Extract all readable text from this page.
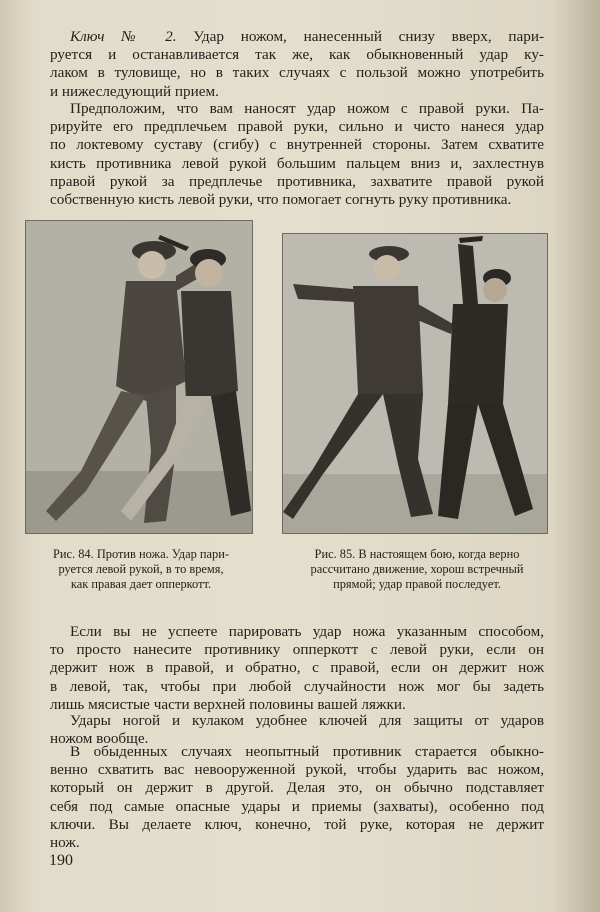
Ключ № 2. Удар ножом, нанесенный снизу вверх, пари-
руется и останавливается так же, как обыкновенный удар ку-
лаком в туловище, но в таких случаях с пользой можно употребить
и нижеследующий прием.
Предположим, что вам наносят удар ножом с правой руки. Па-
рируйте его предплечьем правой руки, сильно и чисто нанеся удар
по локтевому суставу (сгибу) с внутренней стороны. Затем схватите
кисть противника левой рукой большим пальцем вниз и, захлестнув
правой рукой за предплечье противника, захватите правой рукой
собственную кисть левой руки, что помогает согнуть руку противника.
Рис. 84. Против ножа. Удар пари-
руется левой рукой, в то время,
как правая дает опперкотт.
Рис. 85. В настоящем бою, когда верно
рассчитано движение, хорош встречный
прямой; удар правой последует.
Если вы не успеете парировать удар ножа указанным способом,
то просто нанесите противнику опперкотт с левой руки, если он
держит нож в правой, и обратно, с правой, если он держит нож
в левой, так, чтобы при любой случайности нож мог бы задеть
лишь мясистые части верхней половины вашей ляжки.
Удары ногой и кулаком удобнее ключей для защиты от ударов
ножом вообще.
В обыденных случаях неопытный противник старается обыкно-
венно схватить вас невооруженной рукой, чтобы ударить вас ножом,
который он держит в другой. Делая это, он обычно подставляет
себя под самые опасные удары и приемы (захваты), особенно под
ключи. Вы делаете ключ, конечно, той руке, которая не держит
нож.
190
